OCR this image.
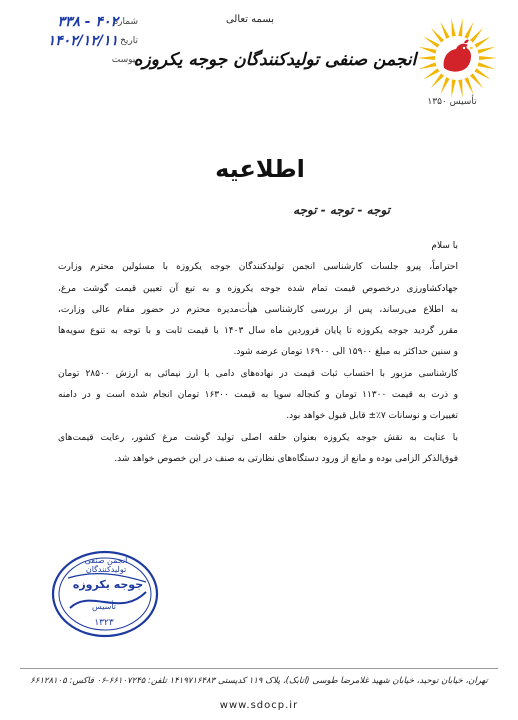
شماره
۳۳۸ - ۴۰۲
تاریخ
۱۴۰۲/۱۲/۱۱
پیوست
بسمه تعالی
انجمن صنفی تولیدکنندگان جوجه یکروزه
تأسیس ۱۳۵۰
اطلاعیه
توجه - توجه - توجه
با سلام
احتراماً، پیرو جلسات کارشناسی انجمن تولیدکنندگان جوجه یکروزه با مسئولین محترم وزارت
جهادکشاورزی درخصوص قیمت تمام شده جوجه یکروزه و به تبع آن تعیین قیمت گوشت مرغ،
به اطلاع می‌رساند، پس از بررسی کارشناسی هیأت‌مدیره محترم در حضور مقام عالی وزارت،
مقرر گردید جوجه یکروزه تا پایان فروردین ماه سال ۱۴۰۳ با قیمت ثابت و با توجه به تنوع سویه‌ها
و سنین حداکثر به مبلغ ۱۵۹۰۰ الی ۱۶۹۰۰ تومان عرضه شود.
کارشناسی مزبور با احتساب ثبات قیمت در نهاده‌های دامی با ارز نیمائی به ارزش ۲۸۵۰۰ تومان
و ذرت به قیمت ۱۱۳۰۰ تومان و کنجاله سویا به قیمت ۱۶۳۰۰ تومان انجام شده است و در دامنه
تغییرات و نوسانات ۷٪± قابل قبول خواهد بود.
با عنایت به نقش جوجه یکروزه بعنوان حلقه اصلی تولید گوشت مرغ کشور، رعایت قیمت‌های
فوق‌الذکر الزامی بوده و مانع از ورود دستگاه‌های نظارتی به صنف در این خصوص خواهد شد.
انجمن صنفی تولیدکنندگان
جوجه یکروزه
تأسیس
۱۳۲۳
تهران، خیابان توحید، خیابان شهید غلامرضا طوسی (اتابک)، پلاک ۱۱۹ کدپستی ۱۴۱۹۷۱۶۴۸۳ تلفن: ۶۶۱۰۷۲۴۵-۰۶ فاکس: ۶۶۱۲۸۱۰۵
www.sdocp.ir
